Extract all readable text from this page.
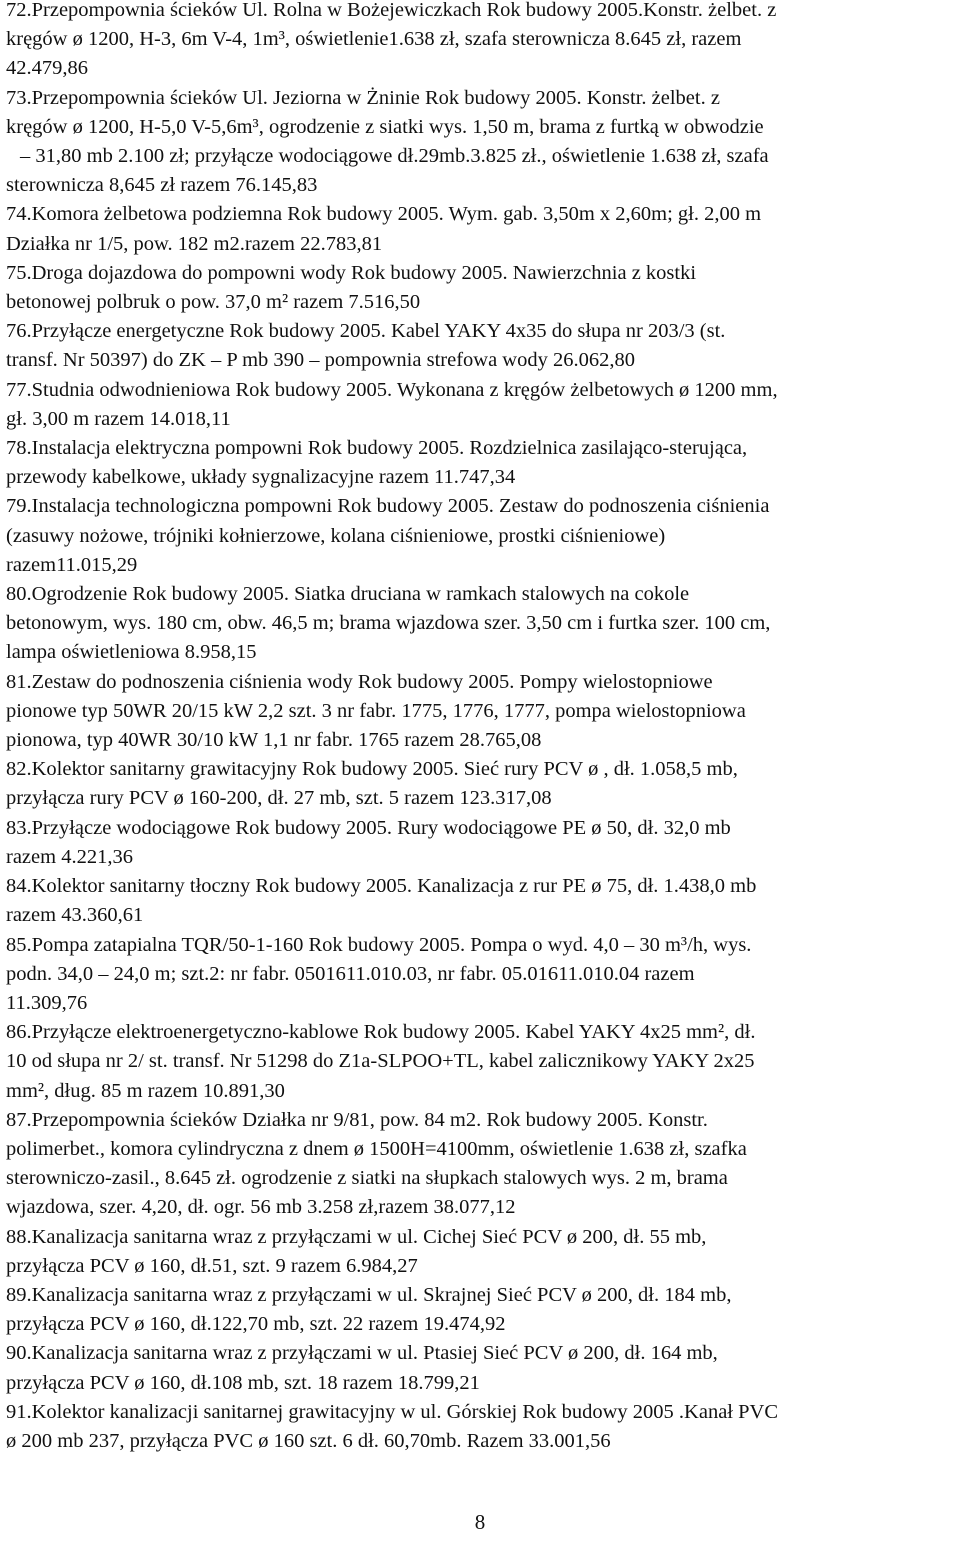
72.Przepompownia ścieków Ul. Rolna w Bożejewiczkach Rok budowy 2005.Konstr. żelbet. z
kręgów ø 1200, H-3, 6m V-4, 1m³, oświetlenie1.638 zł, szafa sterownicza 8.645 zł, razem
42.479,86
73.Przepompownia ścieków Ul. Jeziorna w Żninie Rok budowy 2005. Konstr. żelbet. z
kręgów ø 1200, H-5,0 V-5,6m³, ogrodzenie z siatki wys. 1,50 m, brama z furtką w obwodzie
– 31,80 mb 2.100 zł; przyłącze wodociągowe dł.29mb.3.825 zł., oświetlenie 1.638 zł, szafa
sterownicza 8,645 zł razem 76.145,83
74.Komora żelbetowa podziemna Rok budowy 2005. Wym. gab. 3,50m x 2,60m; gł. 2,00 m
Działka nr 1/5, pow. 182 m2.razem 22.783,81
75.Droga dojazdowa do pompowni wody Rok budowy 2005. Nawierzchnia z kostki
betonowej polbruk o pow. 37,0 m² razem 7.516,50
76.Przyłącze energetyczne Rok budowy 2005. Kabel YAKY 4x35 do słupa nr 203/3 (st.
transf. Nr 50397) do ZK – P mb 390 – pompownia strefowa wody 26.062,80
77.Studnia odwodnieniowa Rok budowy 2005. Wykonana z kręgów żelbetowych ø 1200 mm,
gł. 3,00 m razem 14.018,11
78.Instalacja elektryczna pompowni Rok budowy 2005. Rozdzielnica zasilająco-sterująca,
przewody kabelkowe, układy sygnalizacyjne razem 11.747,34
79.Instalacja technologiczna pompowni Rok budowy 2005. Zestaw do podnoszenia ciśnienia
(zasuwy nożowe, trójniki kołnierzowe, kolana ciśnieniowe, prostki ciśnieniowe)
razem11.015,29
80.Ogrodzenie Rok budowy 2005. Siatka druciana w ramkach stalowych na cokole
betonowym, wys. 180 cm, obw. 46,5 m; brama wjazdowa szer. 3,50 cm i furtka szer. 100 cm,
lampa oświetleniowa 8.958,15
81.Zestaw do podnoszenia ciśnienia wody Rok budowy 2005. Pompy wielostopniowe
pionowe typ 50WR 20/15 kW 2,2 szt. 3 nr fabr. 1775, 1776, 1777, pompa wielostopniowa
pionowa, typ 40WR 30/10 kW 1,1 nr fabr. 1765 razem 28.765,08
82.Kolektor sanitarny grawitacyjny Rok budowy 2005. Sieć rury PCV ø , dł. 1.058,5 mb,
przyłącza rury PCV ø 160-200, dł. 27 mb, szt. 5 razem 123.317,08
83.Przyłącze wodociągowe Rok budowy 2005. Rury wodociągowe PE ø 50, dł. 32,0 mb
razem 4.221,36
84.Kolektor sanitarny tłoczny Rok budowy 2005. Kanalizacja z rur PE ø 75, dł. 1.438,0 mb
razem 43.360,61
85.Pompa zatapialna TQR/50-1-160 Rok budowy 2005. Pompa o wyd. 4,0 – 30 m³/h, wys.
podn. 34,0 – 24,0 m; szt.2: nr fabr. 0501611.010.03, nr fabr. 05.01611.010.04 razem
11.309,76
86.Przyłącze elektroenergetyczno-kablowe Rok budowy 2005. Kabel YAKY 4x25 mm², dł.
10 od słupa nr 2/ st. transf. Nr 51298 do Z1a-SLPOO+TL, kabel zalicznikowy YAKY 2x25
mm², dług. 85 m razem 10.891,30
87.Przepompownia ścieków Działka nr 9/81, pow. 84 m2. Rok budowy 2005. Konstr.
polimerbet., komora cylindryczna z dnem ø 1500H=4100mm, oświetlenie 1.638 zł, szafka
sterowniczo-zasil., 8.645 zł. ogrodzenie z siatki na słupkach stalowych wys. 2 m, brama
wjazdowa, szer. 4,20, dł. ogr. 56 mb 3.258 zł,razem 38.077,12
88.Kanalizacja sanitarna wraz z przyłączami w ul. Cichej Sieć PCV ø 200, dł. 55 mb,
przyłącza PCV ø 160, dł.51, szt. 9 razem 6.984,27
89.Kanalizacja sanitarna wraz z przyłączami w ul. Skrajnej Sieć PCV ø 200, dł. 184 mb,
przyłącza PCV ø 160, dł.122,70 mb, szt. 22 razem 19.474,92
90.Kanalizacja sanitarna wraz z przyłączami w ul. Ptasiej Sieć PCV ø 200, dł. 164 mb,
przyłącza PCV ø 160, dł.108 mb, szt. 18 razem 18.799,21
91.Kolektor kanalizacji sanitarnej grawitacyjny w ul. Górskiej Rok budowy 2005 .Kanał PVC
ø 200 mb 237, przyłącza PVC ø 160 szt. 6 dł. 60,70mb. Razem 33.001,56
8
